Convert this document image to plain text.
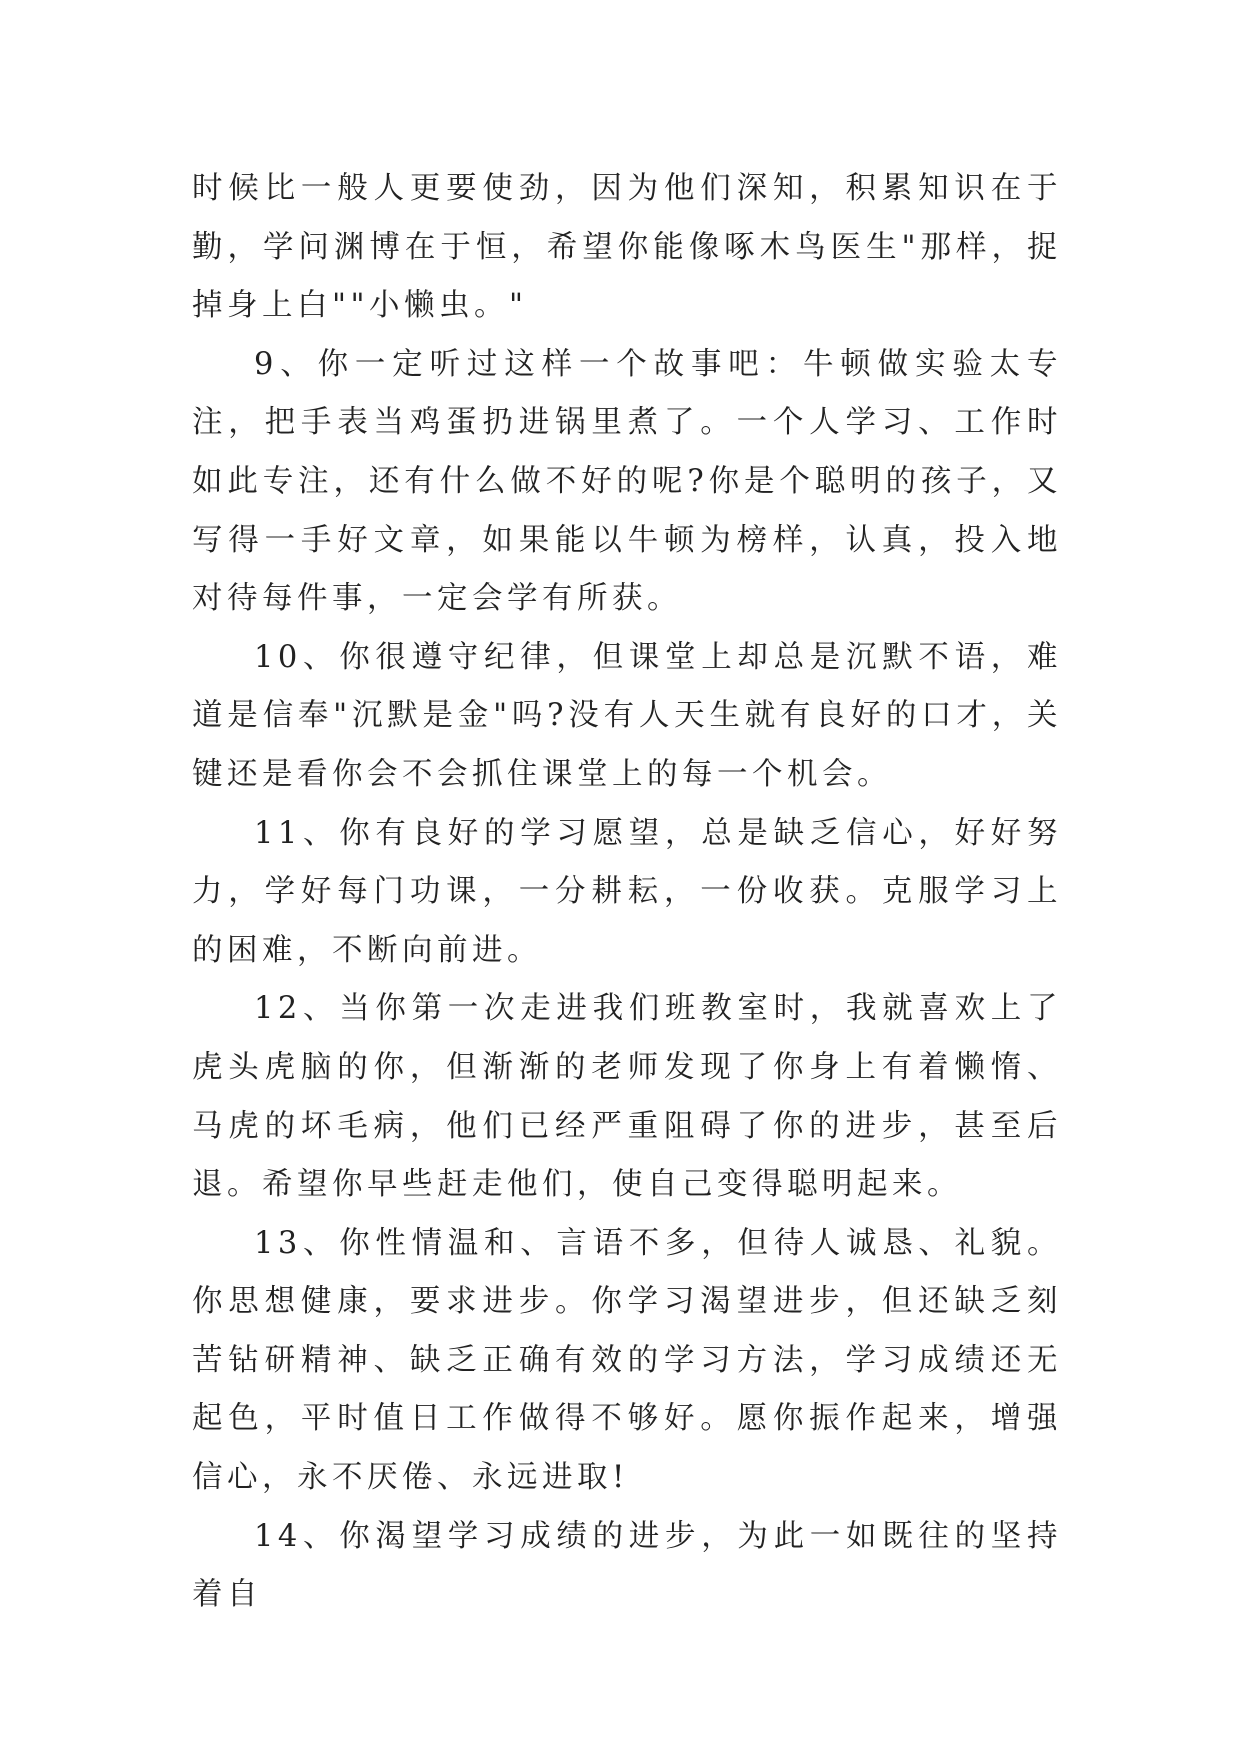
时候比一般人更要使劲，因为他们深知，积累知识在于勤，学问渊博在于恒，希望你能像啄木鸟医生"那样，捉掉身上白""小懒虫。"

9、你一定听过这样一个故事吧：牛顿做实验太专注，把手表当鸡蛋扔进锅里煮了。一个人学习、工作时如此专注，还有什么做不好的呢?你是个聪明的孩子，又写得一手好文章，如果能以牛顿为榜样，认真，投入地对待每件事，一定会学有所获。

10、你很遵守纪律，但课堂上却总是沉默不语，难道是信奉"沉默是金"吗?没有人天生就有良好的口才，关键还是看你会不会抓住课堂上的每一个机会。

11、你有良好的学习愿望，总是缺乏信心，好好努力，学好每门功课，一分耕耘，一份收获。克服学习上的困难，不断向前进。

12、当你第一次走进我们班教室时，我就喜欢上了虎头虎脑的你，但渐渐的老师发现了你身上有着懒惰、马虎的坏毛病，他们已经严重阻碍了你的进步，甚至后退。希望你早些赶走他们，使自己变得聪明起来。

13、你性情温和、言语不多，但待人诚恳、礼貌。你思想健康，要求进步。你学习渴望进步，但还缺乏刻苦钻研精神、缺乏正确有效的学习方法，学习成绩还无起色，平时值日工作做得不够好。愿你振作起来，增强信心，永不厌倦、永远进取!

14、你渴望学习成绩的进步，为此一如既往的坚持着自
